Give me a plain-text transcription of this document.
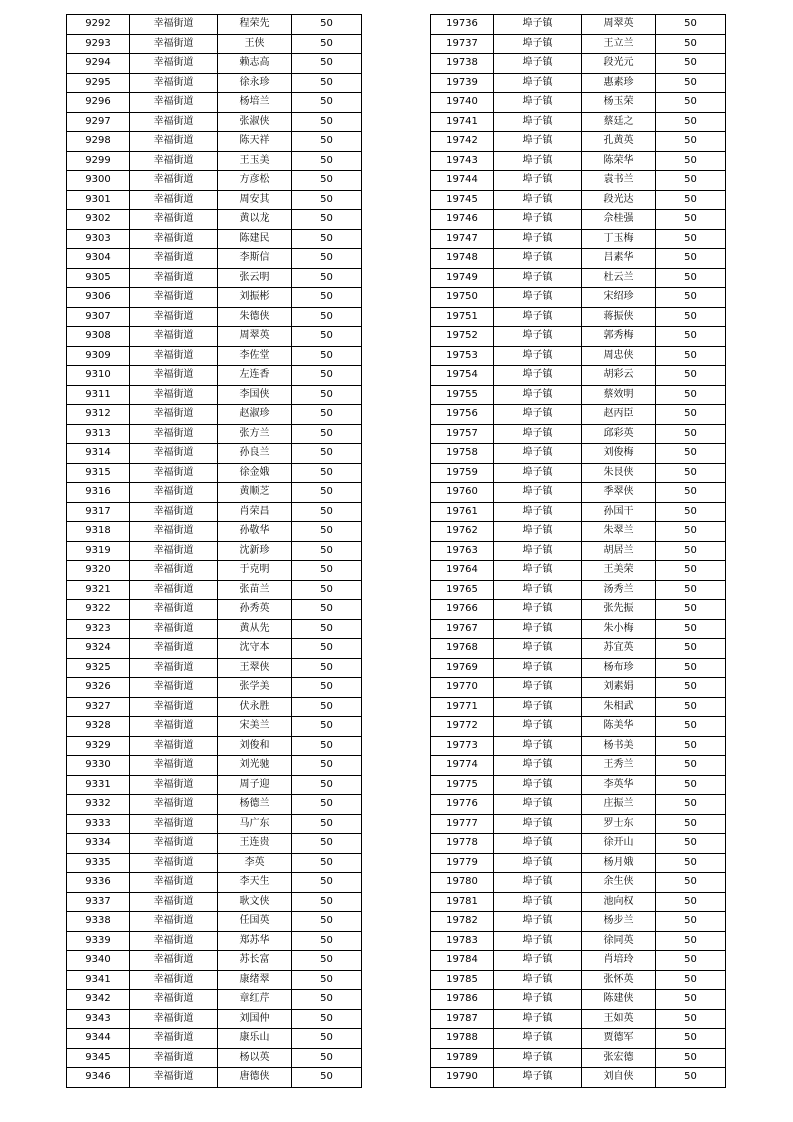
9292	幸福街道	程荣先	50
9293	幸福街道	王侠	50
9294	幸福街道	赖志高	50
9295	幸福街道	徐永珍	50
9296	幸福街道	杨培兰	50
9297	幸福街道	张淑侠	50
9298	幸福街道	陈天祥	50
9299	幸福街道	王玉美	50
9300	幸福街道	方彦松	50
9301	幸福街道	周安其	50
9302	幸福街道	黄以龙	50
9303	幸福街道	陈建民	50
9304	幸福街道	李斯信	50
9305	幸福街道	张云明	50
9306	幸福街道	刘振彬	50
9307	幸福街道	朱德侠	50
9308	幸福街道	周翠英	50
9309	幸福街道	李佐堂	50
9310	幸福街道	左连香	50
9311	幸福街道	李国侠	50
9312	幸福街道	赵淑珍	50
9313	幸福街道	张方兰	50
9314	幸福街道	孙良兰	50
9315	幸福街道	徐金娥	50
9316	幸福街道	黄顺芝	50
9317	幸福街道	肖荣昌	50
9318	幸福街道	孙敬华	50
9319	幸福街道	沈新珍	50
9320	幸福街道	于克明	50
9321	幸福街道	张苗兰	50
9322	幸福街道	孙秀英	50
9323	幸福街道	黄从先	50
9324	幸福街道	沈守本	50
9325	幸福街道	王翠侠	50
9326	幸福街道	张学美	50
9327	幸福街道	伏永胜	50
9328	幸福街道	宋美兰	50
9329	幸福街道	刘俊和	50
9330	幸福街道	刘光驰	50
9331	幸福街道	周子迎	50
9332	幸福街道	杨德兰	50
9333	幸福街道	马广东	50
9334	幸福街道	王连贵	50
9335	幸福街道	李英	50
9336	幸福街道	李天生	50
9337	幸福街道	耿文侠	50
9338	幸福街道	任国英	50
9339	幸福街道	郑苏华	50
9340	幸福街道	苏长富	50
9341	幸福街道	康绪翠	50
9342	幸福街道	章红芹	50
9343	幸福街道	刘国仲	50
9344	幸福街道	康乐山	50
9345	幸福街道	杨以英	50
9346	幸福街道	唐德侠	50
19736	埠子镇	周翠英	50
19737	埠子镇	王立兰	50
19738	埠子镇	段光元	50
19739	埠子镇	惠素珍	50
19740	埠子镇	杨玉荣	50
19741	埠子镇	蔡廷之	50
19742	埠子镇	孔黄英	50
19743	埠子镇	陈荣华	50
19744	埠子镇	袁书兰	50
19745	埠子镇	段光达	50
19746	埠子镇	佘桂强	50
19747	埠子镇	丁玉梅	50
19748	埠子镇	吕素华	50
19749	埠子镇	杜云兰	50
19750	埠子镇	宋绍珍	50
19751	埠子镇	蒋振侠	50
19752	埠子镇	郭秀梅	50
19753	埠子镇	周忠侠	50
19754	埠子镇	胡彩云	50
19755	埠子镇	蔡效明	50
19756	埠子镇	赵丙臣	50
19757	埠子镇	邱彩英	50
19758	埠子镇	刘俊梅	50
19759	埠子镇	朱艮侠	50
19760	埠子镇	季翠侠	50
19761	埠子镇	孙国干	50
19762	埠子镇	朱翠兰	50
19763	埠子镇	胡居兰	50
19764	埠子镇	王美荣	50
19765	埠子镇	汤秀兰	50
19766	埠子镇	张先振	50
19767	埠子镇	朱小梅	50
19768	埠子镇	苏宜英	50
19769	埠子镇	杨布珍	50
19770	埠子镇	刘素娟	50
19771	埠子镇	朱相武	50
19772	埠子镇	陈美华	50
19773	埠子镇	杨书美	50
19774	埠子镇	王秀兰	50
19775	埠子镇	李英华	50
19776	埠子镇	庄振兰	50
19777	埠子镇	罗士东	50
19778	埠子镇	徐开山	50
19779	埠子镇	杨月娥	50
19780	埠子镇	余生侠	50
19781	埠子镇	池向权	50
19782	埠子镇	杨步兰	50
19783	埠子镇	徐同英	50
19784	埠子镇	肖培玲	50
19785	埠子镇	张怀英	50
19786	埠子镇	陈建侠	50
19787	埠子镇	王如英	50
19788	埠子镇	贾德军	50
19789	埠子镇	张宏德	50
19790	埠子镇	刘自侠	50
